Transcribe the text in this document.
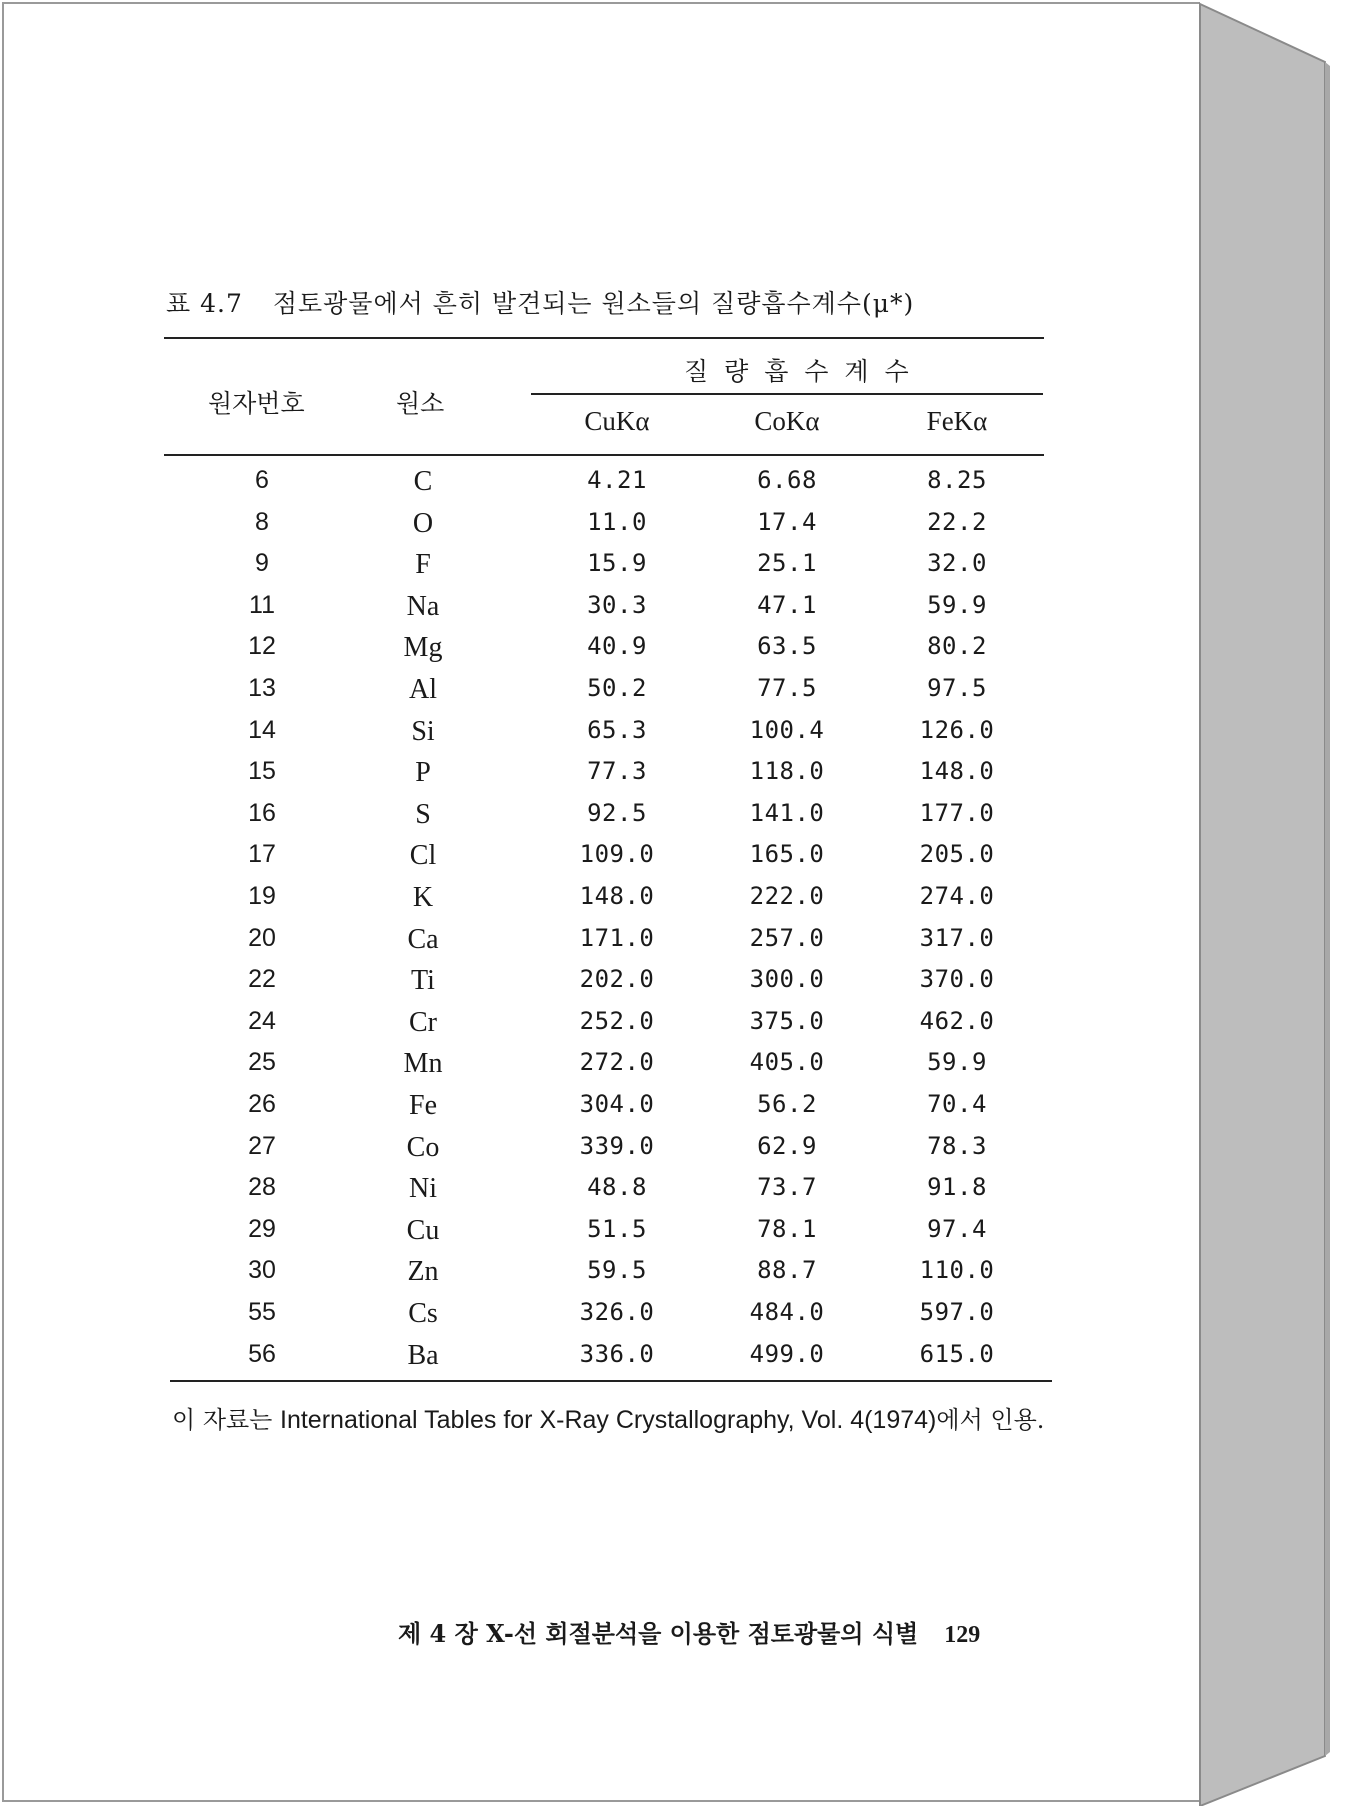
표 4.7 점토광물에서 흔히 발견되는 원소들의 질량흡수계수(μ*)
원자번호	원소
질 량 흡 수 계 수
CuKα	CoKα	FeKα
6	C	4.21	6.68	8.25
8	O	11.0	17.4	22.2
9	F	15.9	25.1	32.0
11	Na	30.3	47.1	59.9
12	Mg	40.9	63.5	80.2
13	Al	50.2	77.5	97.5
14	Si	65.3	100.4	126.0
15	P	77.3	118.0	148.0
16	S	92.5	141.0	177.0
17	Cl	109.0	165.0	205.0
19	K	148.0	222.0	274.0
20	Ca	171.0	257.0	317.0
22	Ti	202.0	300.0	370.0
24	Cr	252.0	375.0	462.0
25	Mn	272.0	405.0	59.9
26	Fe	304.0	56.2	70.4
27	Co	339.0	62.9	78.3
28	Ni	48.8	73.7	91.8
29	Cu	51.5	78.1	97.4
30	Zn	59.5	88.7	110.0
55	Cs	326.0	484.0	597.0
56	Ba	336.0	499.0	615.0
이 자료는 International Tables for X-Ray Crystallography, Vol. 4(1974)에서 인용.
제 4 장 X-선 회절분석을 이용한 점토광물의 식별 129
